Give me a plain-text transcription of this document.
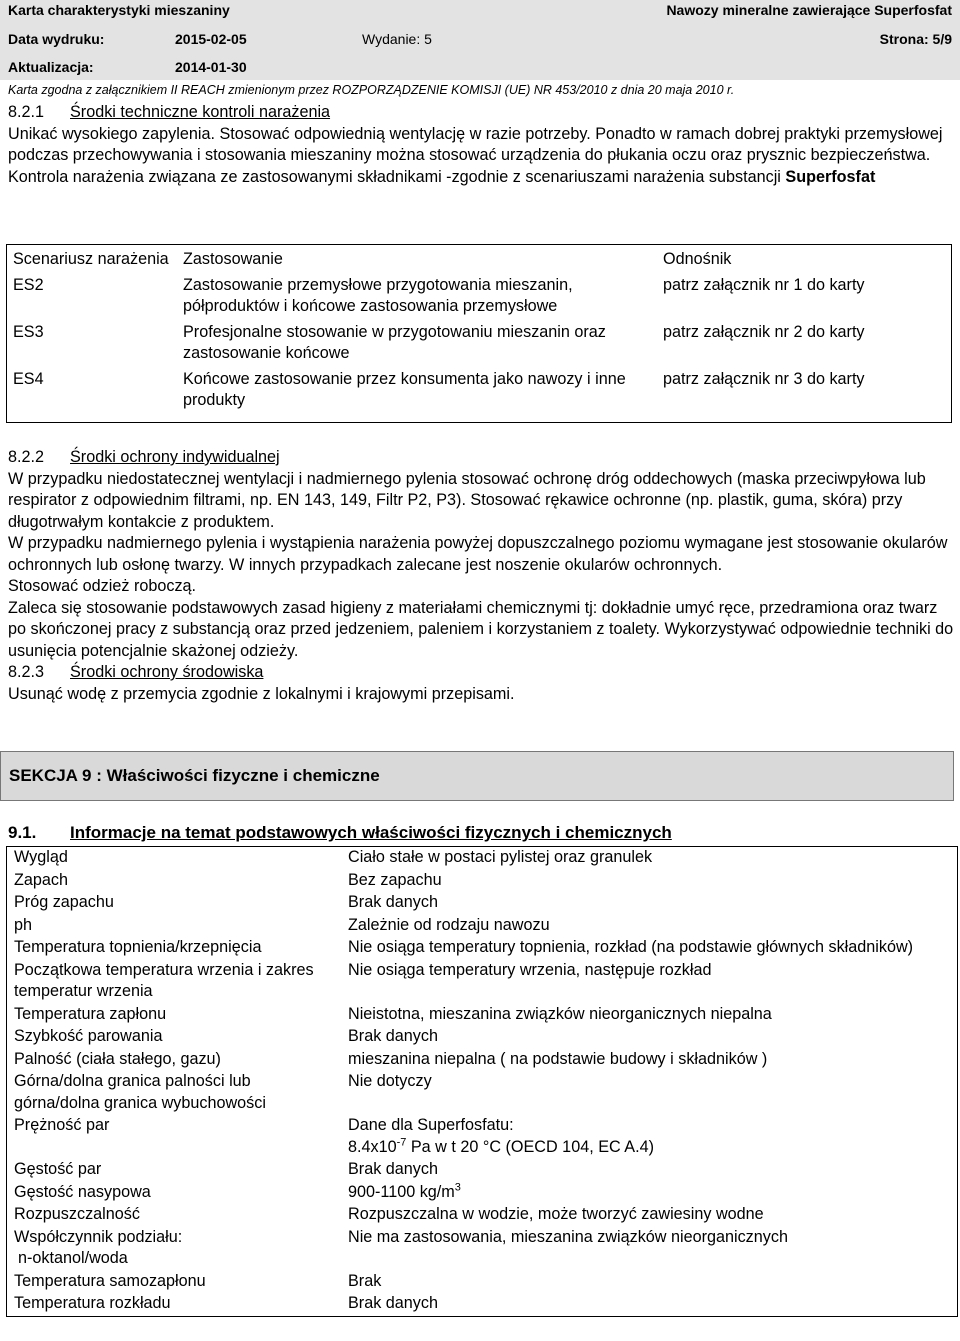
Karta charakterystyki mieszaniny	Nawozy mineralne zawierające Superfosfat
Data wydruku:	2015-02-05	Wydanie: 5	Strona: 5/9
Aktualizacja:	2014-01-30
Karta zgodna z załącznikiem II REACH zmienionym przez ROZPORZĄDZENIE KOMISJI (UE) NR 453/2010 z dnia 20 maja 2010 r.

8.2.1 Środki techniczne kontroli narażenia

Unikać wysokiego zapylenia. Stosować odpowiednią wentylację w razie potrzeby. Ponadto w ramach dobrej praktyki przemysłowej podczas przechowywania i stosowania mieszaniny można stosować urządzenia do płukania oczu oraz prysznic bezpieczeństwa.

Kontrola narażenia związana ze zastosowanymi składnikami -zgodnie z scenariuszami narażenia substancji Superfosfat

Scenariusz narażenia	Zastosowanie	Odnośnik
ES2	Zastosowanie przemysłowe przygotowania mieszanin, półproduktów i końcowe zastosowania przemysłowe	patrz załącznik nr 1 do karty
ES3	Profesjonalne stosowanie w przygotowaniu mieszanin oraz zastosowanie końcowe	patrz załącznik nr 2 do karty
ES4	Końcowe zastosowanie przez konsumenta jako nawozy i inne produkty	patrz załącznik nr 3 do karty

8.2.2 Środki ochrony indywidualnej

W przypadku niedostatecznej wentylacji i nadmiernego pylenia stosować ochronę dróg oddechowych (maska przeciwpyłowa lub respirator z odpowiednim filtrami, np. EN 143, 149, Filtr P2, P3). Stosować rękawice ochronne (np. plastik, guma, skóra) przy długotrwałym kontakcie z produktem.

W przypadku nadmiernego pylenia i wystąpienia narażenia powyżej dopuszczalnego poziomu wymagane jest stosowanie okularów ochronnych lub osłonę twarzy. W innych przypadkach zalecane jest noszenie okularów ochronnych.

Stosować odzież roboczą.

Zaleca się stosowanie podstawowych zasad higieny z materiałami chemicznymi tj: dokładnie umyć ręce, przedramiona oraz twarz po skończonej pracy z substancją oraz przed jedzeniem, paleniem i korzystaniem z toalety. Wykorzystywać odpowiednie techniki do usunięcia potencjalnie skażonej odzieży.

8.2.3 Środki ochrony środowiska

Usunąć wodę z przemycia zgodnie z lokalnymi i krajowymi przepisami.

SEKCJA 9 : Właściwości fizyczne i chemiczne
9.1. Informacje na temat podstawowych właściwości fizycznych i chemicznych
Wygląd	Ciało stałe w postaci pylistej oraz granulek
Zapach	Bez zapachu
Próg zapachu	Brak danych
ph	Zależnie od rodzaju nawozu
Temperatura topnienia/krzepnięcia	Nie osiąga temperatury topnienia, rozkład (na podstawie głównych składników)
Początkowa temperatura wrzenia i zakres temperatur wrzenia	Nie osiąga temperatury wrzenia, następuje rozkład
Temperatura zapłonu	Nieistotna, mieszanina związków nieorganicznych niepalna
Szybkość parowania	Brak danych
Palność (ciała stałego, gazu)	mieszanina niepalna ( na podstawie budowy i składników )
Górna/dolna granica palności lub górna/dolna granica wybuchowości	Nie dotyczy
Prężność par	Dane dla Superfosfatu:
$8.4x10^{-7}$ Pa w t 20 °C (OECD 104, EC A.4)

Gęstość par	Brak danych
Gęstość nasypowa	900-1100 $kg/m^3$
Rozpuszczalność	Rozpuszczalna w wodzie, może tworzyć zawiesiny wodne

Współczynnik podziału:
n-oktanol/woda	Nie ma zastosowania, mieszanina związków nieorganicznych
Temperatura samozapłonu	Brak
Temperatura rozkładu	Brak danych
